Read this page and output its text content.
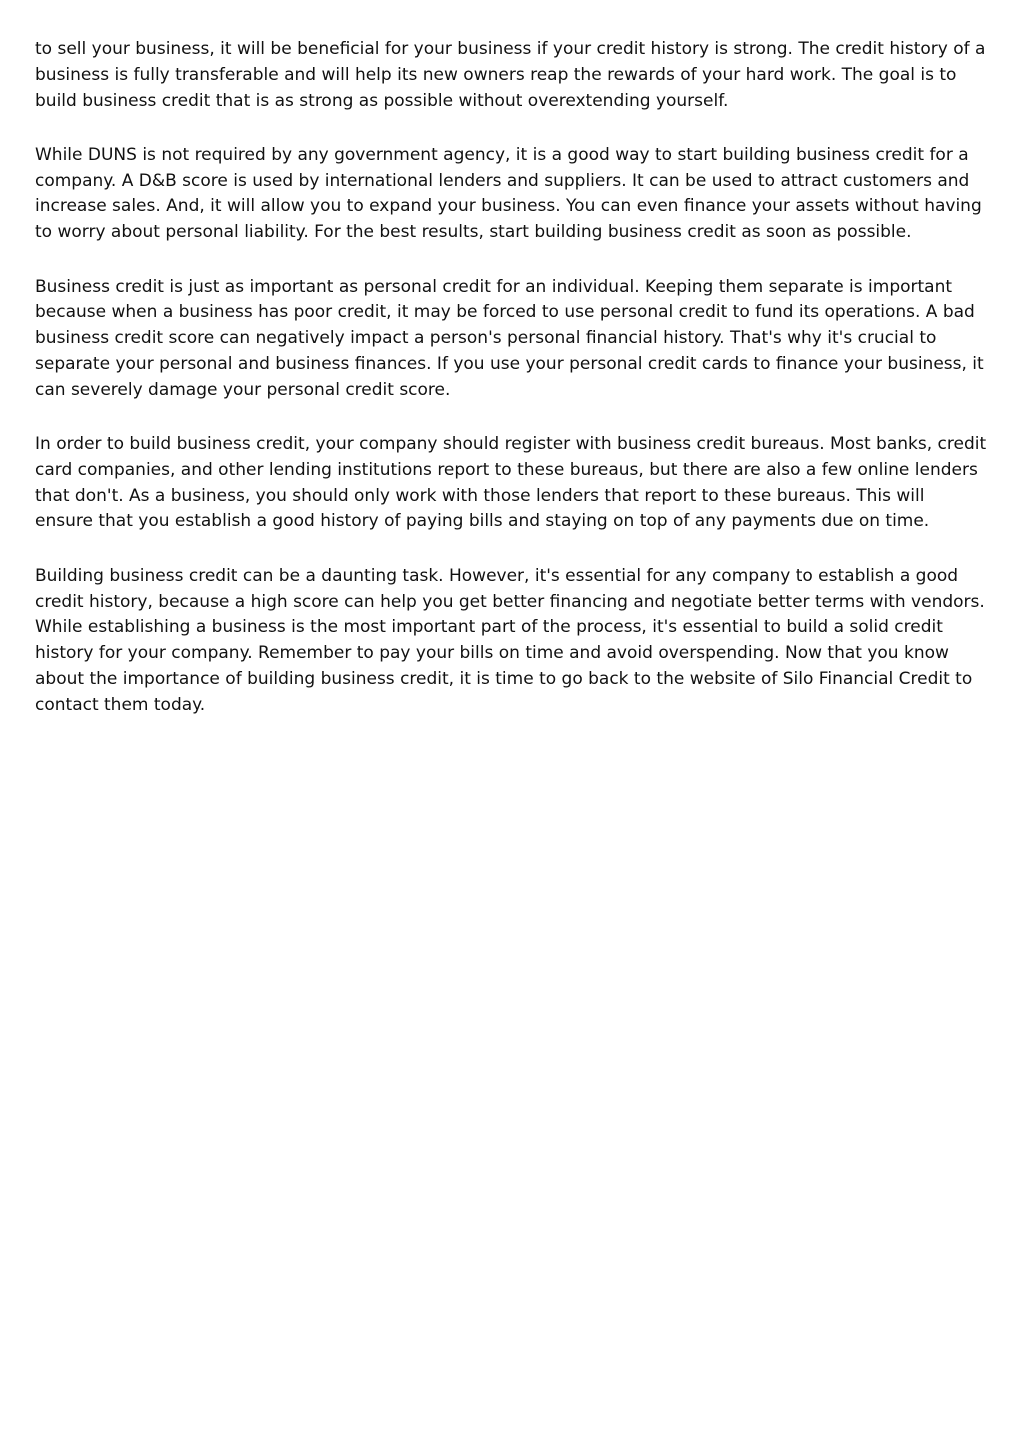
to sell your business, it will be beneficial for your business if your credit history is strong. The credit history of a business is fully transferable and will help its new owners reap the rewards of your hard work. The goal is to build business credit that is as strong as possible without overextending yourself.

While DUNS is not required by any government agency, it is a good way to start building business credit for a company. A D&B score is used by international lenders and suppliers. It can be used to attract customers and increase sales. And, it will allow you to expand your business. You can even finance your assets without having to worry about personal liability. For the best results, start building business credit as soon as possible.

Business credit is just as important as personal credit for an individual. Keeping them separate is important because when a business has poor credit, it may be forced to use personal credit to fund its operations. A bad business credit score can negatively impact a person's personal financial history. That's why it's crucial to separate your personal and business finances. If you use your personal credit cards to finance your business, it can severely damage your personal credit score.

In order to build business credit, your company should register with business credit bureaus. Most banks, credit card companies, and other lending institutions report to these bureaus, but there are also a few online lenders that don't. As a business, you should only work with those lenders that report to these bureaus. This will ensure that you establish a good history of paying bills and staying on top of any payments due on time.

Building business credit can be a daunting task. However, it's essential for any company to establish a good credit history, because a high score can help you get better financing and negotiate better terms with vendors. While establishing a business is the most important part of the process, it's essential to build a solid credit history for your company. Remember to pay your bills on time and avoid overspending. Now that you know about the importance of building business credit, it is time to go back to the website of Silo Financial Credit to contact them today.
